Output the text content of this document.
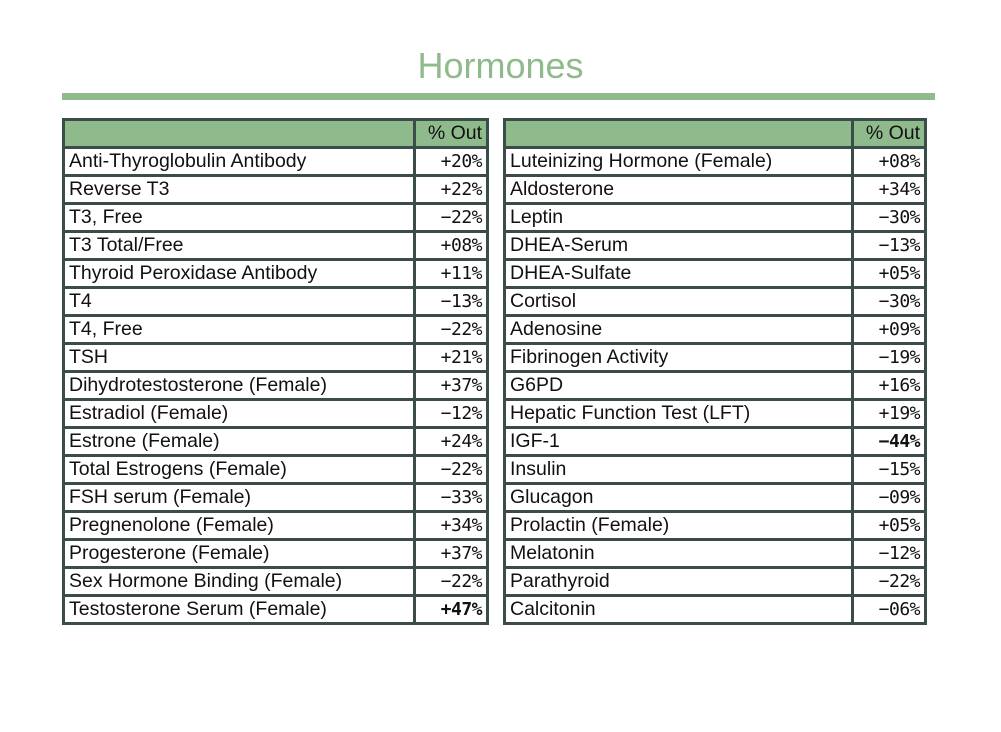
Hormones
	% Out
Anti-Thyroglobulin Antibody	+20%
Reverse T3	+22%
T3, Free	−22%
T3 Total/Free	+08%
Thyroid Peroxidase Antibody	+11%
T4	−13%
T4, Free	−22%
TSH	+21%
Dihydrotestosterone (Female)	+37%
Estradiol (Female)	−12%
Estrone (Female)	+24%
Total Estrogens (Female)	−22%
FSH serum (Female)	−33%
Pregnenolone (Female)	+34%
Progesterone (Female)	+37%
Sex Hormone Binding (Female)	−22%
Testosterone Serum (Female)	+47%
	% Out
Luteinizing Hormone (Female)	+08%
Aldosterone	+34%
Leptin	−30%
DHEA-Serum	−13%
DHEA-Sulfate	+05%
Cortisol	−30%
Adenosine	+09%
Fibrinogen Activity	−19%
G6PD	+16%
Hepatic Function Test (LFT)	+19%
IGF-1	−44%
Insulin	−15%
Glucagon	−09%
Prolactin (Female)	+05%
Melatonin	−12%
Parathyroid	−22%
Calcitonin	−06%
